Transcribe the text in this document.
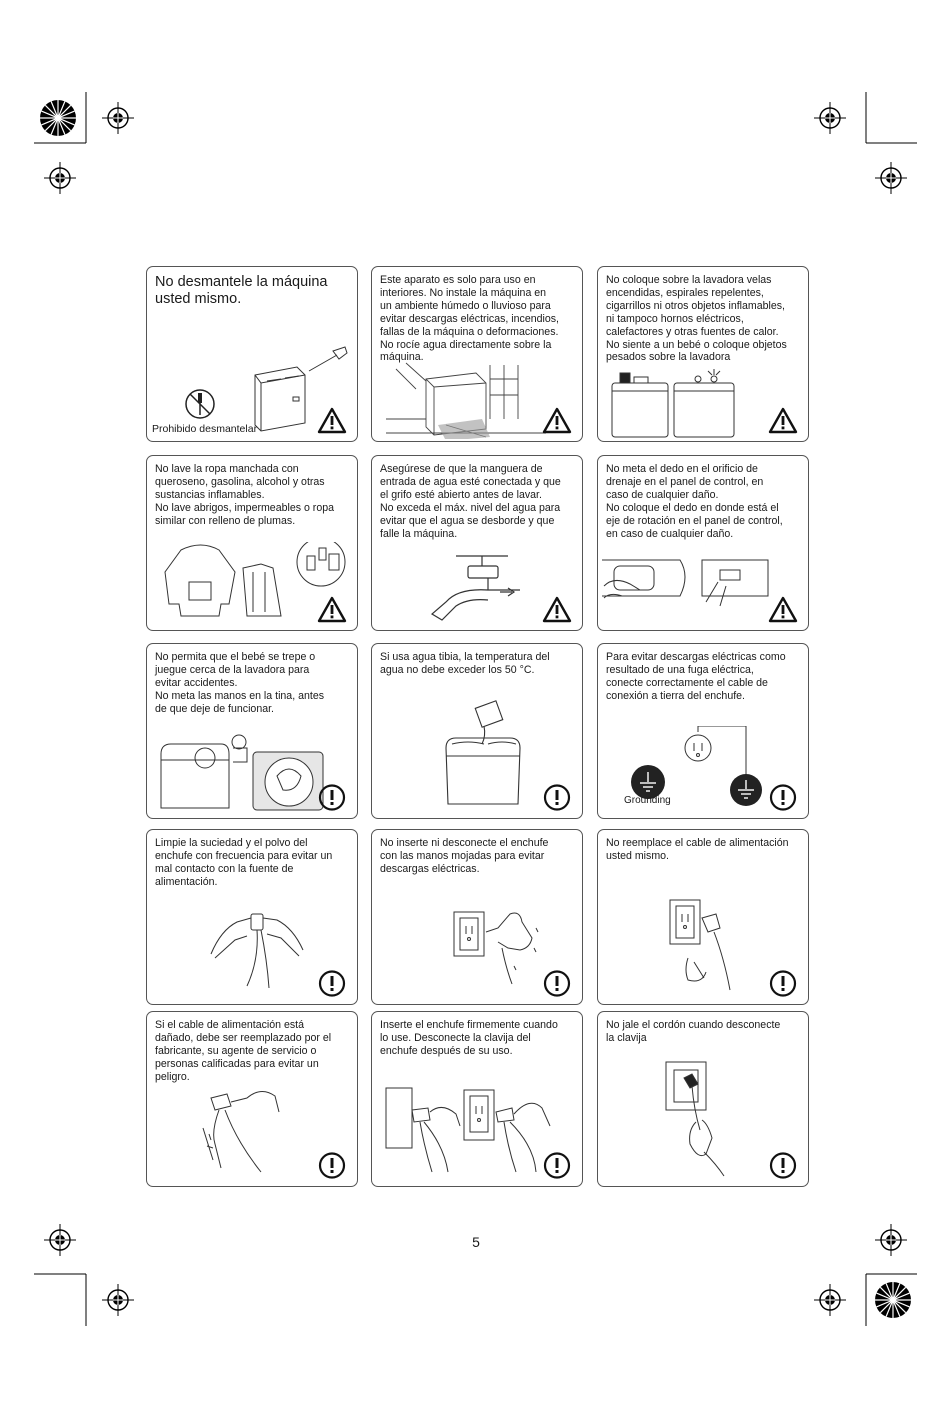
No desmantele la máquina
usted mismo.
Prohibido desmantelar
Este aparato es solo para uso en
interiores. No instale la máquina en
un ambiente húmedo o lluvioso para
evitar descargas eléctricas, incendios,
fallas de la máquina o deformaciones.
No rocíe agua directamente sobre la
máquina.
No coloque sobre la lavadora velas
encendidas, espirales repelentes,
cigarrillos ni otros objetos inflamables,
ni tampoco hornos eléctricos,
calefactores y otras fuentes de calor.
No siente a un bebé o coloque objetos
pesados sobre la lavadora
No lave la ropa manchada con
queroseno, gasolina, alcohol y otras
sustancias inflamables.
No lave abrigos, impermeables o ropa
similar con relleno de plumas.
Asegúrese de que la manguera de
entrada de agua esté conectada y que
el grifo esté abierto antes de lavar.
No exceda el máx. nivel del agua para
evitar que el agua se desborde y que
falle la máquina.
No meta el dedo en el orificio de
drenaje en el panel de control, en
caso de cualquier daño.
No coloque el dedo en donde está el
eje de rotación en el panel de control,
en caso de cualquier daño.
No permita que el bebé se trepe o
juegue cerca de la lavadora para
evitar accidentes.
No meta las manos en la tina, antes
de que deje de funcionar.
Si usa agua tibia, la temperatura del
agua no debe exceder los 50 °C.
Para evitar descargas eléctricas como
resultado de una fuga eléctrica,
conecte correctamente el cable de
conexión a tierra del enchufe.
Grounding
Limpie la suciedad y el polvo del
enchufe con frecuencia para evitar un
mal contacto con la fuente de
alimentación.
No inserte ni desconecte el enchufe
con las manos mojadas para evitar
descargas eléctricas.
No reemplace el cable de alimentación
usted mismo.
Si el cable de alimentación está
dañado, debe ser reemplazado por el
fabricante, su agente de servicio o
personas calificadas para evitar un
peligro.
Inserte el enchufe firmemente cuando
lo use. Desconecte la clavija del
enchufe después de su uso.
No jale el cordón cuando desconecte
la clavija
5
